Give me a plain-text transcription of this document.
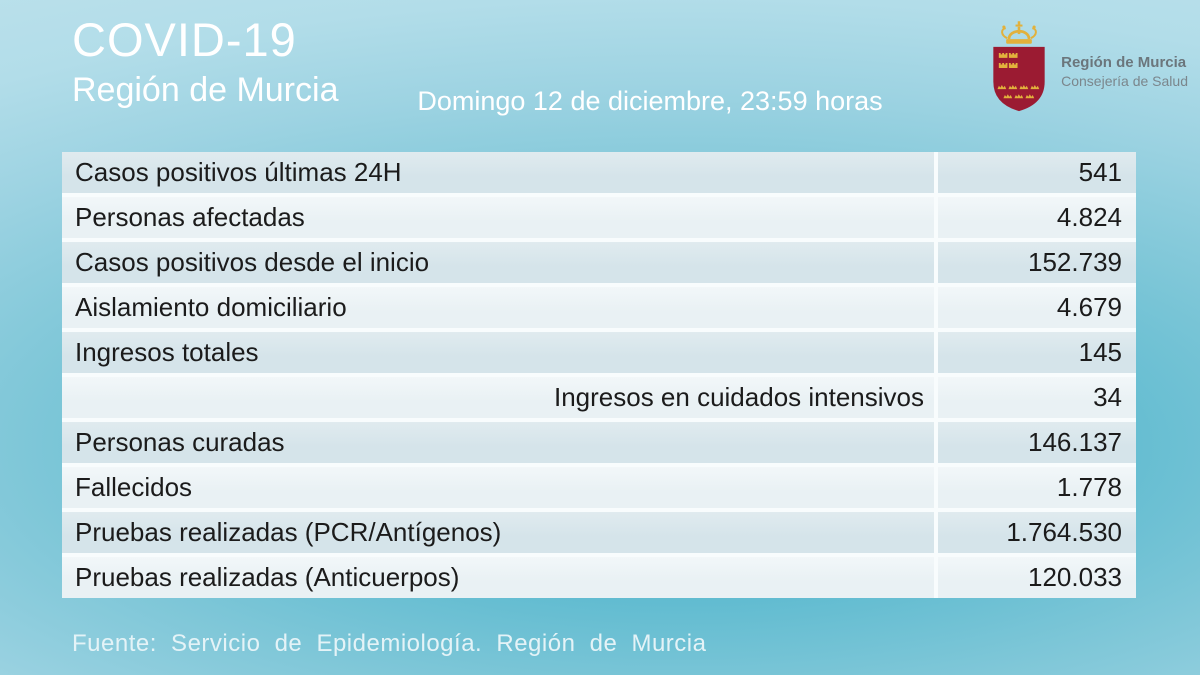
COVID-19
Región de Murcia	Domingo 12 de diciembre, 23:59 horas
Región de Murcia
Consejería de Salud
Casos positivos últimas 24H	541
Personas afectadas	4.824
Casos positivos desde el inicio	152.739
Aislamiento domiciliario	4.679
Ingresos totales	145
Ingresos en cuidados intensivos	34
Personas curadas	146.137
Fallecidos	1.778
Pruebas realizadas (PCR/Antígenos)	1.764.530
Pruebas realizadas (Anticuerpos)	120.033
Fuente: Servicio de Epidemiología. Región de Murcia
